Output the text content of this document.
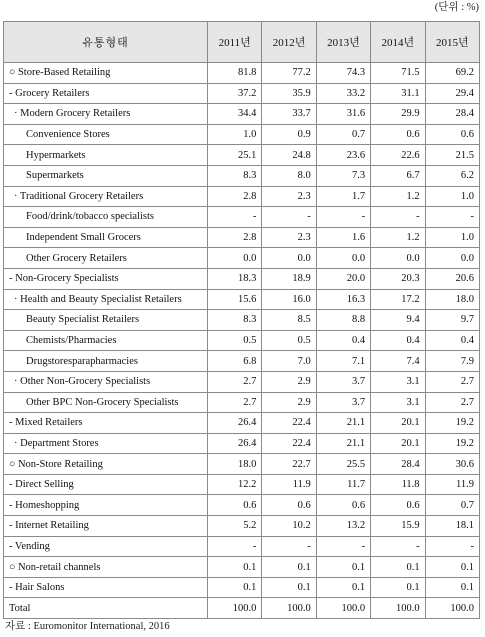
(단위 : %)
유통형태	2011년	2012년	2013년	2014년	2015년
○ Store-Based Retailing	81.8	77.2	74.3	71.5	69.2
- Grocery Retailers	37.2	35.9	33.2	31.1	29.4
· Modern Grocery Retailers	34.4	33.7	31.6	29.9	28.4
Convenience Stores	1.0	0.9	0.7	0.6	0.6
Hypermarkets	25.1	24.8	23.6	22.6	21.5
Supermarkets	8.3	8.0	7.3	6.7	6.2
· Traditional Grocery Retailers	2.8	2.3	1.7	1.2	1.0
Food/drink/tobacco specialists	-	-	-	-	-
Independent Small Grocers	2.8	2.3	1.6	1.2	1.0
Other Grocery Retailers	0.0	0.0	0.0	0.0	0.0
- Non-Grocery Specialists	18.3	18.9	20.0	20.3	20.6
· Health and Beauty Specialist Retailers	15.6	16.0	16.3	17.2	18.0
Beauty Specialist Retailers	8.3	8.5	8.8	9.4	9.7
Chemists/Pharmacies	0.5	0.5	0.4	0.4	0.4
Drugstoresparapharmacies	6.8	7.0	7.1	7.4	7.9
· Other Non-Grocery Specialists	2.7	2.9	3.7	3.1	2.7
Other BPC Non-Grocery Specialists	2.7	2.9	3.7	3.1	2.7
- Mixed Retailers	26.4	22.4	21.1	20.1	19.2
· Department Stores	26.4	22.4	21.1	20.1	19.2
○ Non-Store Retailing	18.0	22.7	25.5	28.4	30.6
- Direct Selling	12.2	11.9	11.7	11.8	11.9
- Homeshopping	0.6	0.6	0.6	0.6	0.7
- Internet Retailing	5.2	10.2	13.2	15.9	18.1
- Vending	-	-	-	-	-
○ Non-retail channels	0.1	0.1	0.1	0.1	0.1
- Hair Salons	0.1	0.1	0.1	0.1	0.1
Total	100.0	100.0	100.0	100.0	100.0
자료 : Euromonitor International, 2016
